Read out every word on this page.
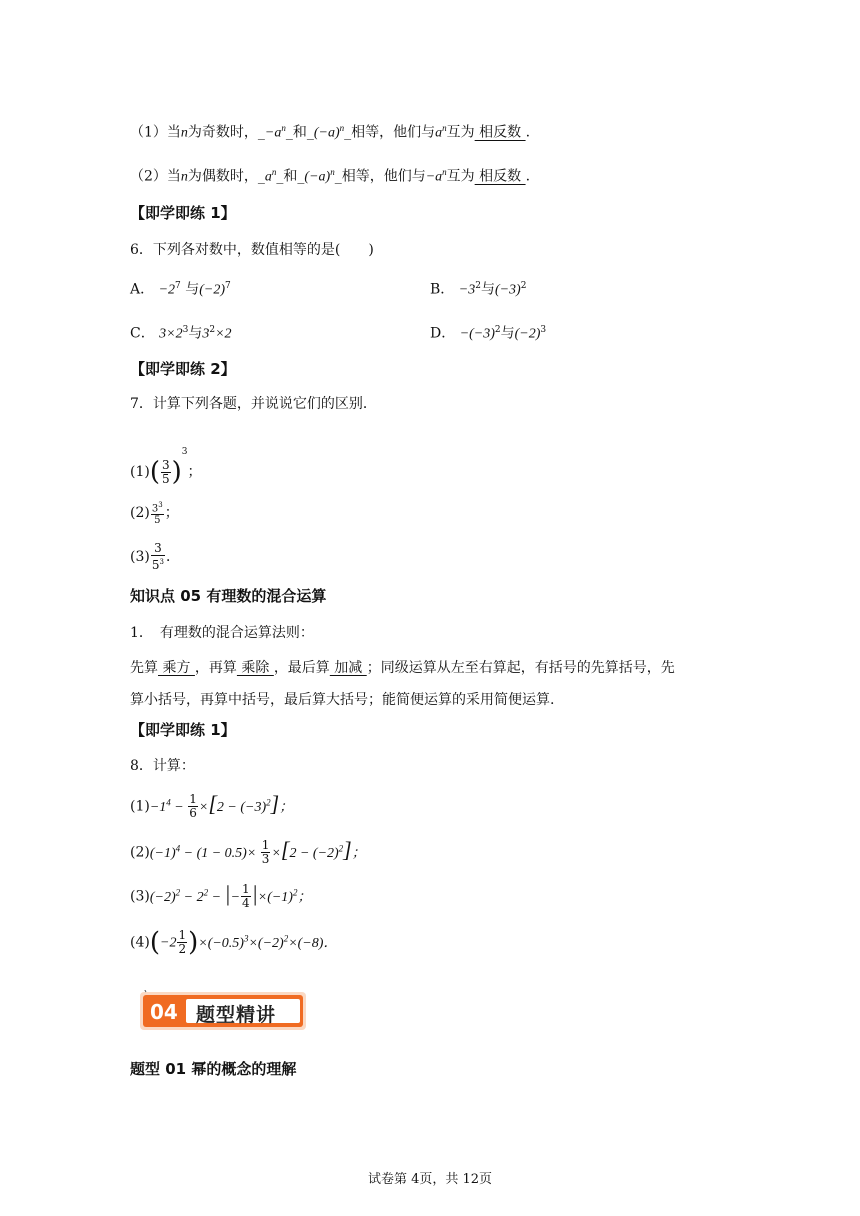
（1）当n为奇数时，$\_-a^n\_$和$\_(-a)^n\_$相等，他们与$a^n$互为 相反数 .
（2）当n为偶数时，$\_a^n\_$和$\_(-a)^n\_$相等，他们与$-a^n$互为 相反数 .
【即学即练 1】
6．下列各对数中，数值相等的是(　　)
A． $-2^7$ 与$(-2)^7$	B． $-3^2$与$(-3)^2$
C． $3\times 2^3$与$3^2\times 2$	D． $-(-3)^2$与$(-2)^3$
【即学即练 2】
7．计算下列各题，并说说它们的区别．
$(1)( \frac{3}{5} )^3$；
$(2) \frac{3^3}{5}$ ；
$(3) \frac{3}{5^3}$ ．
知识点 05 有理数的混合运算
1．　有理数的混合运算法则：
先算 乘方 ，再算 乘除 ，最后算 加减 ；同级运算从左至右算起，有括号的先算括号，先
算小括号，再算中括号，最后算大括号；能简便运算的采用简便运算.
【即学即练 1】
8．计算：
$(1)-1^4 - \frac{1}{6} \times[2 - (-3)^2]$；
$(2)(-1)^4 - (1 - 0.5)\times \frac{1}{3} \times[2 - (-2)^2]$；
$(3)(-2)^2 - 2^2$ − |− $\frac{1}{4} |\times(-1)^2$；
$(4)(-2 \frac{1}{2} )\times(-0.5)^3\times(-2)^2\times(-8)$．
04 题型精讲
题型 01 幂的概念的理解
试卷第 4页，共 12页
